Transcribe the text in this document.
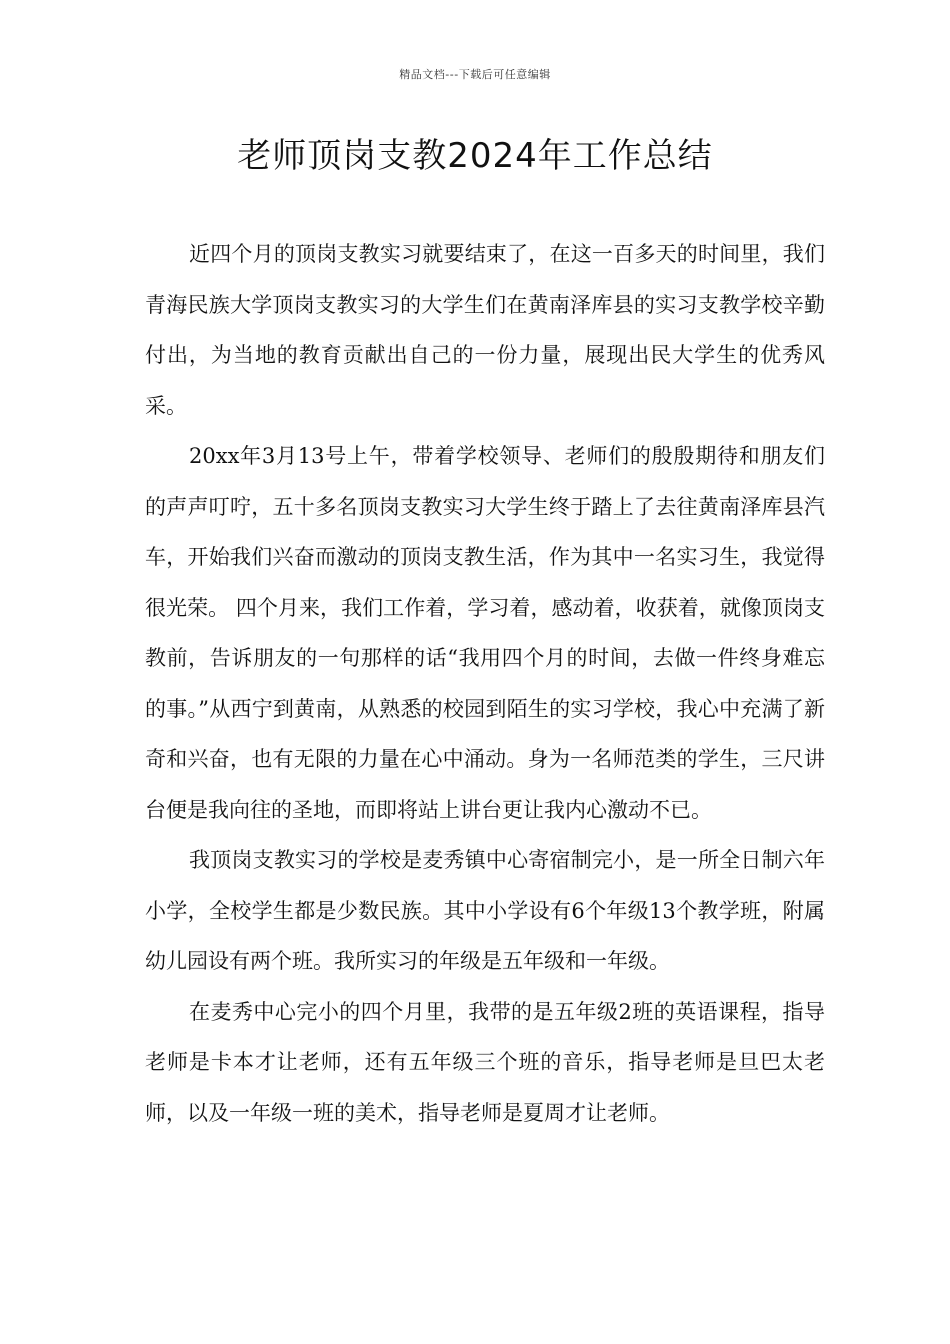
精品文档---下载后可任意编辑
老师顶岗支教2024年工作总结

近四个月的顶岗支教实习就要结束了，在这一百多天的时间里，我们青海民族大学顶岗支教实习的大学生们在黄南泽库县的实习支教学校辛勤付出，为当地的教育贡献出自己的一份力量，展现出民大学生的优秀风采。

20xx年3月13号上午，带着学校领导、老师们的殷殷期待和朋友们的声声叮咛，五十多名顶岗支教实习大学生终于踏上了去往黄南泽库县汽车，开始我们兴奋而激动的顶岗支教生活，作为其中一名实习生，我觉得很光荣。 四个月来，我们工作着，学习着，感动着，收获着，就像顶岗支教前，告诉朋友的一句那样的话“我用四个月的时间，去做一件终身难忘的事。”从西宁到黄南，从熟悉的校园到陌生的实习学校，我心中充满了新奇和兴奋，也有无限的力量在心中涌动。身为一名师范类的学生，三尺讲台便是我向往的圣地，而即将站上讲台更让我内心激动不已。

我顶岗支教实习的学校是麦秀镇中心寄宿制完小，是一所全日制六年小学，全校学生都是少数民族。其中小学设有6个年级13个教学班，附属幼儿园设有两个班。我所实习的年级是五年级和一年级。

在麦秀中心完小的四个月里，我带的是五年级2班的英语课程，指导老师是卡本才让老师，还有五年级三个班的音乐，指导老师是旦巴太老师，以及一年级一班的美术，指导老师是夏周才让老师。
